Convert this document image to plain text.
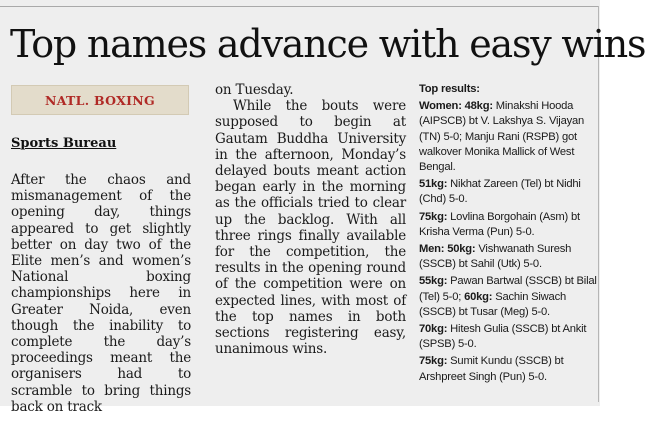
Top names advance with easy wins
NATL. BOXING
Sports Bureau

After the chaos and mismanagement of the opening day, things appeared to get slightly better on day two of the Elite men’s and women’s National boxing championships here in Greater Noida, even though the inability to complete the day’s proceedings meant the organisers had to scramble to bring things back on track

on Tuesday.

While the bouts were supposed to begin at Gautam Buddha University in the afternoon, Monday’s delayed bouts meant action began early in the morning as the officials tried to clear up the backlog. With all three rings finally available for the competition, the results in the opening round of the competition were on expected lines, with most of the top names in both sections registering easy, unanimous wins.

Top results:
Women: 48kg: Minakshi Hooda (AIPSCB) bt V. Lakshya S. Vijayan (TN) 5-0; Manju Rani (RSPB) got walkover Monika Mallick of West Bengal.
51kg: Nikhat Zareen (Tel) bt Nidhi (Chd) 5-0.
75kg: Lovlina Borgohain (Asm) bt Krisha Verma (Pun) 5-0.
Men: 50kg: Vishwanath Suresh (SSCB) bt Sahil (Utk) 5-0.
55kg: Pawan Bartwal (SSCB) bt Bilal (Tel) 5-0; 60kg: Sachin Siwach (SSCB) bt Tusar (Meg) 5-0.
70kg: Hitesh Gulia (SSCB) bt Ankit (SPSB) 5-0.
75kg: Sumit Kundu (SSCB) bt Arshpreet Singh (Pun) 5-0.
